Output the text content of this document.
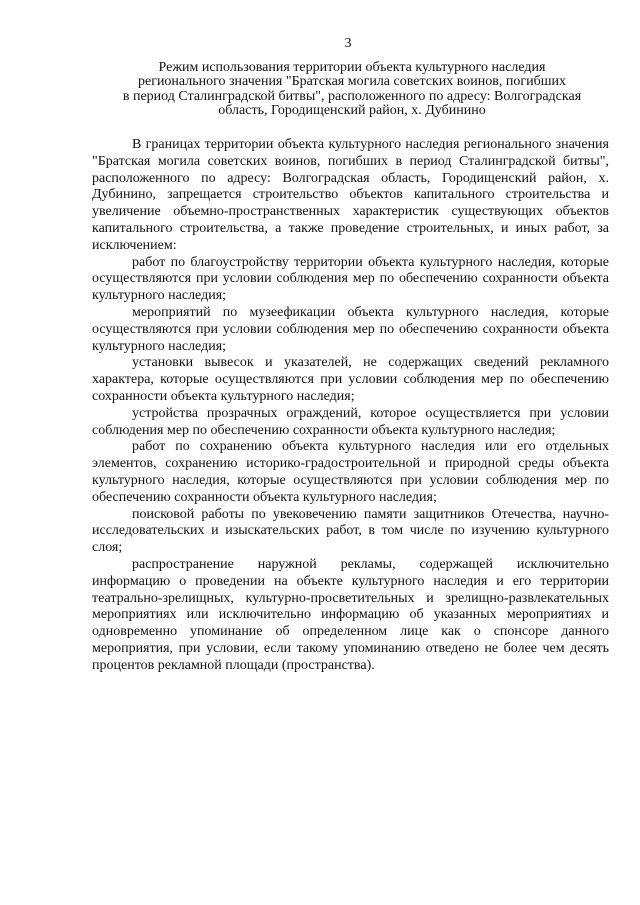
3
Режим использования территории объекта культурного наследия
регионального значения "Братская могила советских воинов, погибших
в период Сталинградской битвы", расположенного по адресу: Волгоградская
область, Городищенский район, х. Дубинино

В границах территории объекта культурного наследия регионального значения "Братская могила советских воинов, погибших в период Сталинградской битвы", расположенного по адресу: Волгоградская область, Городищенский район, х. Дубинино, запрещается строительство объектов капитального строительства и увеличение объемно-пространственных характеристик существующих объектов капитального строительства, а также проведение строительных, и иных работ, за исключением:

работ по благоустройству территории объекта культурного наследия, которые осуществляются при условии соблюдения мер по обеспечению сохранности объекта культурного наследия;

мероприятий по музеефикации объекта культурного наследия, которые осуществляются при условии соблюдения мер по обеспечению сохранности объекта культурного наследия;

установки вывесок и указателей, не содержащих сведений рекламного характера, которые осуществляются при условии соблюдения мер по обеспечению сохранности объекта культурного наследия;

устройства прозрачных ограждений, которое осуществляется при условии соблюдения мер по обеспечению сохранности объекта культурного наследия;

работ по сохранению объекта культурного наследия или его отдельных элементов, сохранению историко-градостроительной и природной среды объекта культурного наследия, которые осуществляются при условии соблюдения мер по обеспечению сохранности объекта культурного наследия;

поисковой работы по увековечению памяти защитников Отечества, научно-исследовательских и изыскательских работ, в том числе по изучению культурного слоя;

распространение наружной рекламы, содержащей исключительно информацию о проведении на объекте культурного наследия и его территории театрально-зрелищных, культурно-просветительных и зрелищно-развлекательных мероприятиях или исключительно информацию об указанных мероприятиях и одновременно упоминание об определенном лице как о спонсоре данного мероприятия, при условии, если такому упоминанию отведено не более чем десять процентов рекламной площади (пространства).
